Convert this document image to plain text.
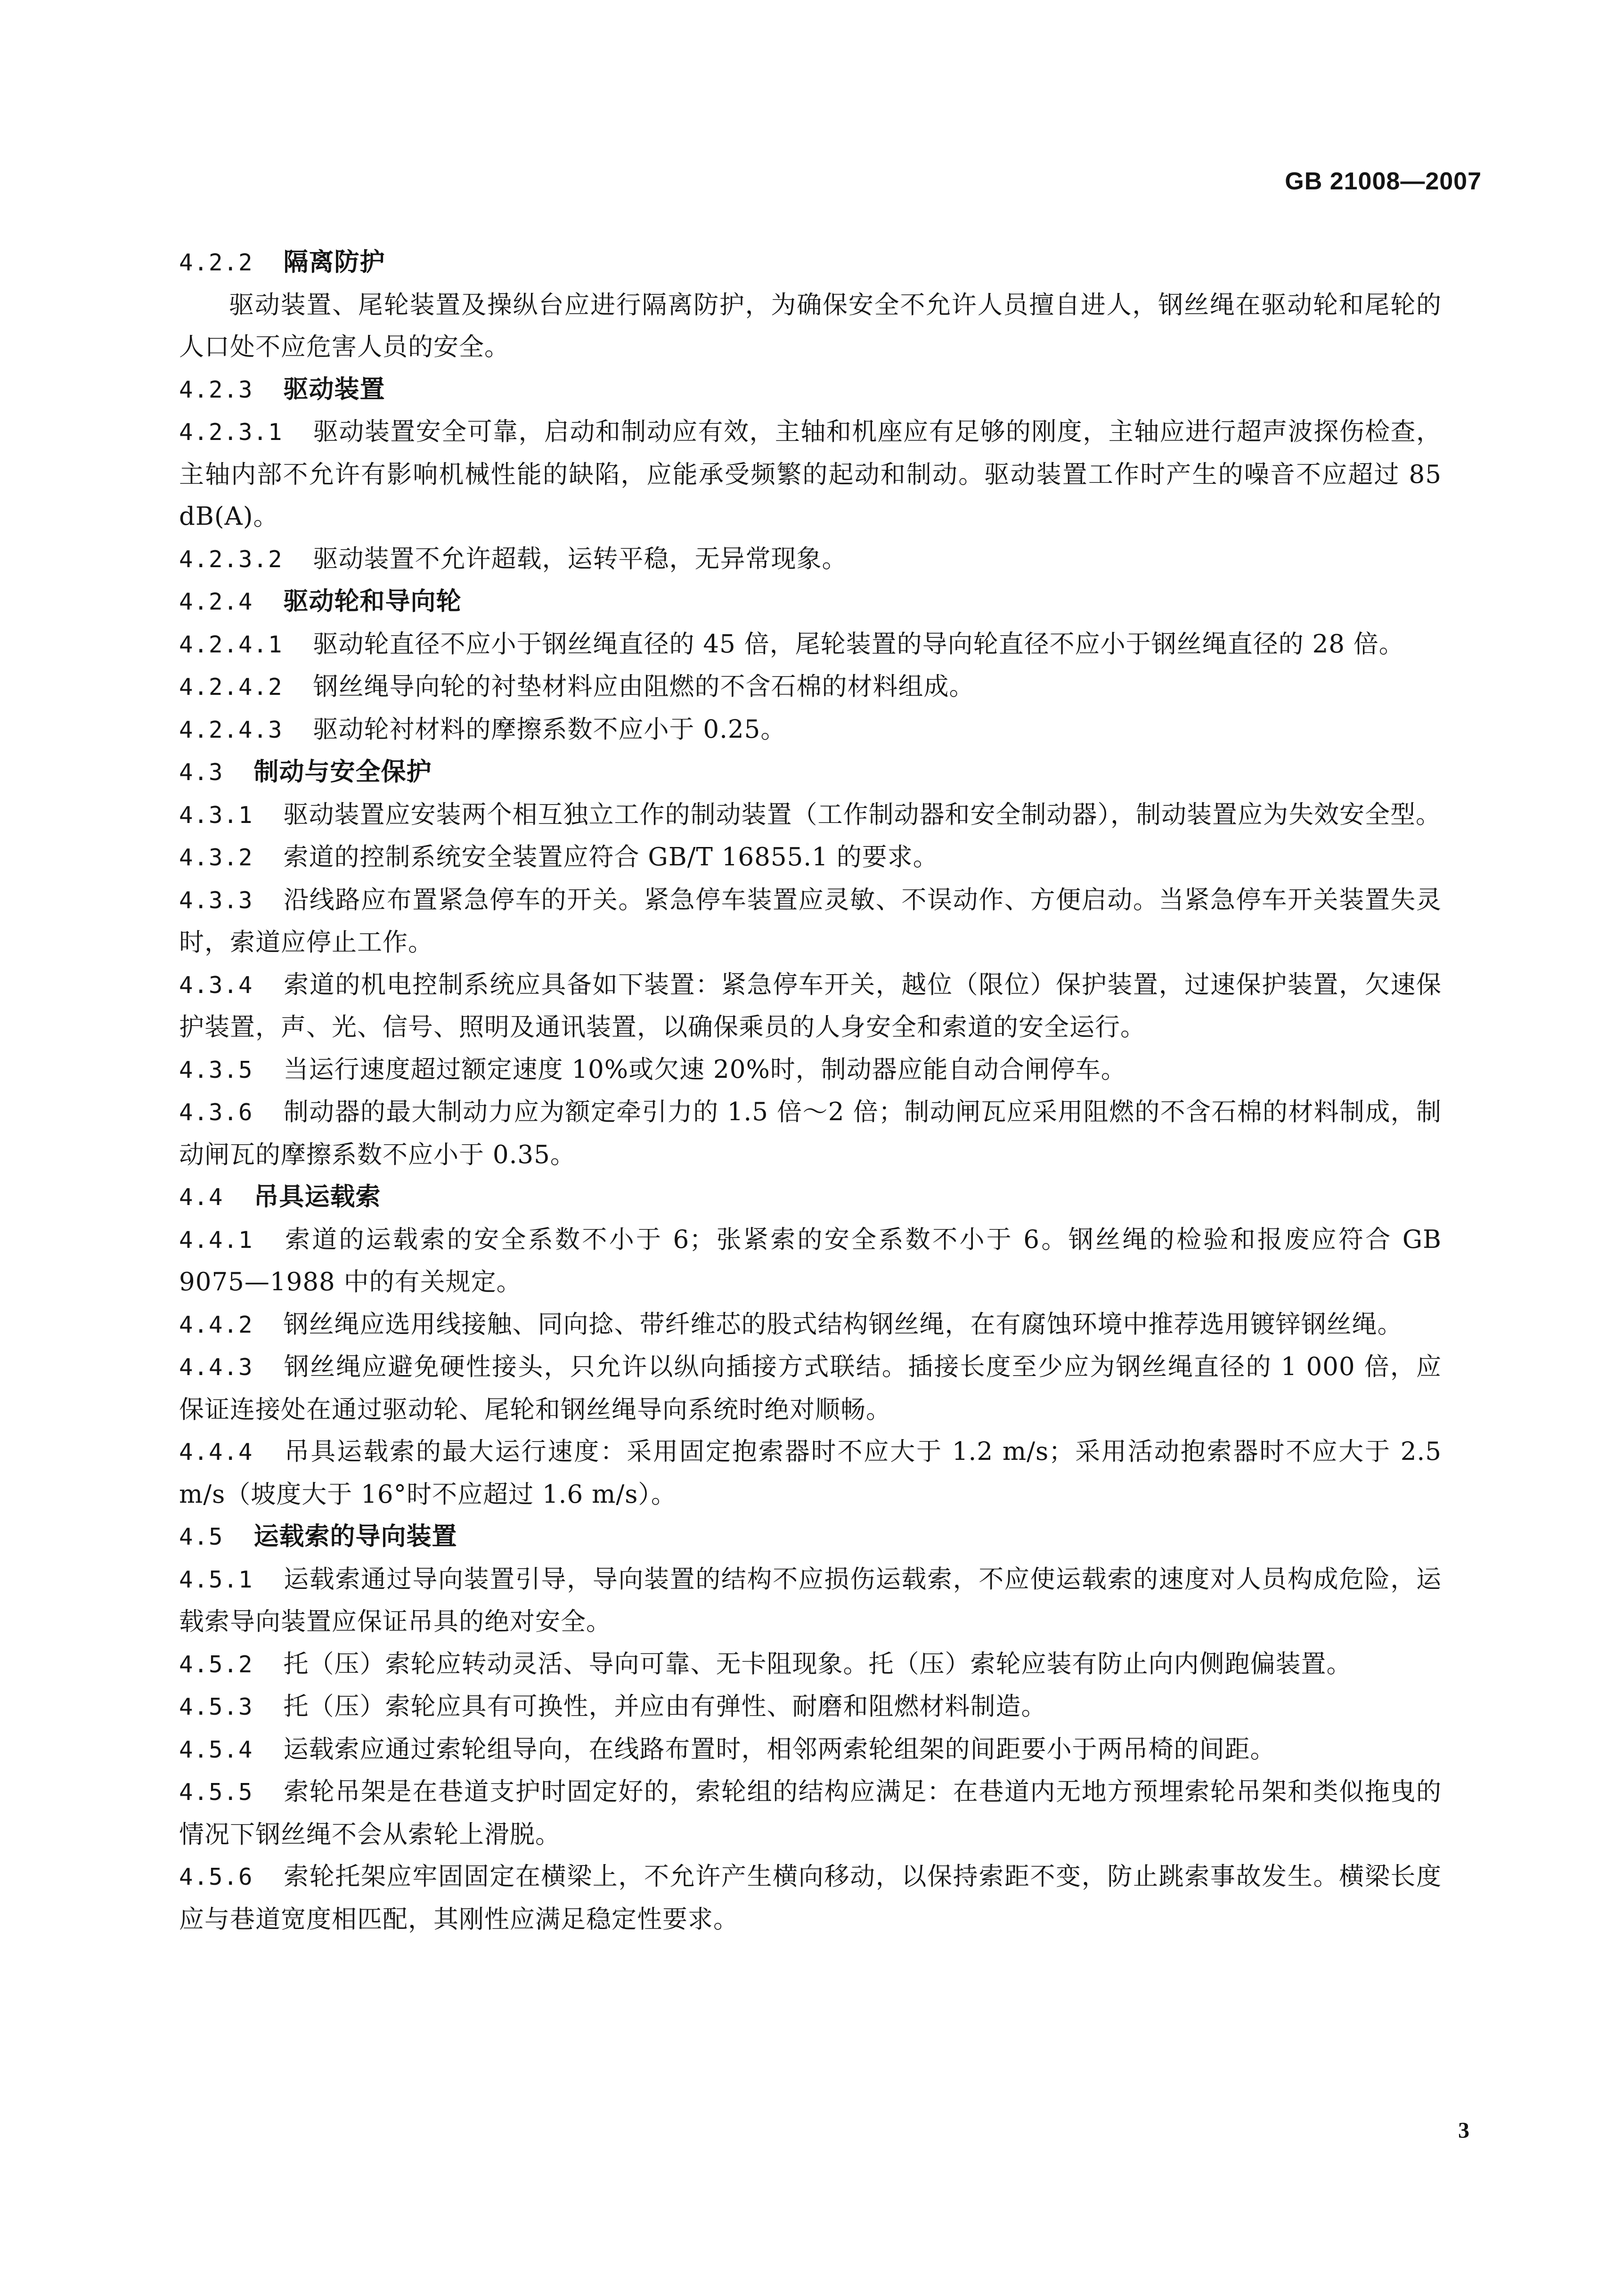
GB 21008—2007

4.2.2 隔离防护

驱动装置、尾轮装置及操纵台应进行隔离防护，为确保安全不允许人员擅自进人，钢丝绳在驱动轮和尾轮的人口处不应危害人员的安全。

4.2.3 驱动装置

4.2.3.1 驱动装置安全可靠，启动和制动应有效，主轴和机座应有足够的刚度，主轴应进行超声波探伤检查，主轴内部不允许有影响机械性能的缺陷，应能承受频繁的起动和制动。驱动装置工作时产生的噪音不应超过 85 dB(A)。

4.2.3.2 驱动装置不允许超载，运转平稳，无异常现象。

4.2.4 驱动轮和导向轮

4.2.4.1 驱动轮直径不应小于钢丝绳直径的 45 倍，尾轮装置的导向轮直径不应小于钢丝绳直径的 28 倍。

4.2.4.2 钢丝绳导向轮的衬垫材料应由阻燃的不含石棉的材料组成。

4.2.4.3 驱动轮衬材料的摩擦系数不应小于 0.25。

4.3 制动与安全保护

4.3.1 驱动装置应安装两个相互独立工作的制动装置（工作制动器和安全制动器），制动装置应为失效安全型。

4.3.2 索道的控制系统安全装置应符合 GB/T 16855.1 的要求。

4.3.3 沿线路应布置紧急停车的开关。紧急停车装置应灵敏、不误动作、方便启动。当紧急停车开关装置失灵时，索道应停止工作。

4.3.4 索道的机电控制系统应具备如下装置：紧急停车开关，越位（限位）保护装置，过速保护装置，欠速保护装置，声、光、信号、照明及通讯装置，以确保乘员的人身安全和索道的安全运行。

4.3.5 当运行速度超过额定速度 10%或欠速 20%时，制动器应能自动合闸停车。

4.3.6 制动器的最大制动力应为额定牵引力的 1.5 倍～2 倍；制动闸瓦应采用阻燃的不含石棉的材料制成，制动闸瓦的摩擦系数不应小于 0.35。

4.4 吊具运载索

4.4.1 索道的运载索的安全系数不小于 6；张紧索的安全系数不小于 6。钢丝绳的检验和报废应符合 GB 9075—1988 中的有关规定。

4.4.2 钢丝绳应选用线接触、同向捻、带纤维芯的股式结构钢丝绳，在有腐蚀环境中推荐选用镀锌钢丝绳。

4.4.3 钢丝绳应避免硬性接头，只允许以纵向插接方式联结。插接长度至少应为钢丝绳直径的 1 000 倍，应保证连接处在通过驱动轮、尾轮和钢丝绳导向系统时绝对顺畅。

4.4.4 吊具运载索的最大运行速度：采用固定抱索器时不应大于 1.2 m/s；采用活动抱索器时不应大于 2.5 m/s（坡度大于 16°时不应超过 1.6 m/s）。

4.5 运载索的导向装置

4.5.1 运载索通过导向装置引导，导向装置的结构不应损伤运载索，不应使运载索的速度对人员构成危险，运载索导向装置应保证吊具的绝对安全。

4.5.2 托（压）索轮应转动灵活、导向可靠、无卡阻现象。托（压）索轮应装有防止向内侧跑偏装置。

4.5.3 托（压）索轮应具有可换性，并应由有弹性、耐磨和阻燃材料制造。

4.5.4 运载索应通过索轮组导向，在线路布置时，相邻两索轮组架的间距要小于两吊椅的间距。

4.5.5 索轮吊架是在巷道支护时固定好的，索轮组的结构应满足：在巷道内无地方预埋索轮吊架和类似拖曳的情况下钢丝绳不会从索轮上滑脱。

4.5.6 索轮托架应牢固固定在横梁上，不允许产生横向移动，以保持索距不变，防止跳索事故发生。横梁长度应与巷道宽度相匹配，其刚性应满足稳定性要求。

3
